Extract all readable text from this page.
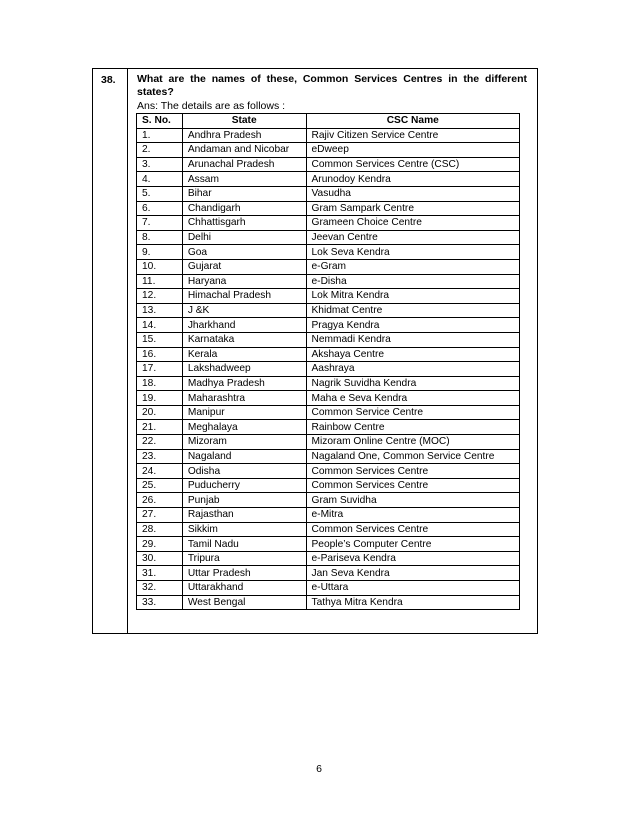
38. What are the names of these, Common Services Centres in the different

states?

Ans: The details are as follows :

S. No.	State	CSC Name
1.	Andhra Pradesh	Rajiv Citizen Service Centre
2.	Andaman and Nicobar	eDweep
3.	Arunachal Pradesh	Common Services Centre (CSC)
4.	Assam	Arunodoy Kendra
5.	Bihar	Vasudha
6.	Chandigarh	Gram Sampark Centre
7.	Chhattisgarh	Grameen Choice Centre
8.	Delhi	Jeevan Centre
9.	Goa	Lok Seva Kendra
10.	Gujarat	e-Gram
11.	Haryana	e-Disha
12.	Himachal Pradesh	Lok Mitra Kendra
13.	J &K	Khidmat Centre
14.	Jharkhand	Pragya Kendra
15.	Karnataka	Nemmadi Kendra
16.	Kerala	Akshaya Centre
17.	Lakshadweep	Aashraya
18.	Madhya Pradesh	Nagrik Suvidha Kendra
19.	Maharashtra	Maha e Seva Kendra
20.	Manipur	Common Service Centre
21.	Meghalaya	Rainbow Centre
22.	Mizoram	Mizoram Online Centre (MOC)
23.	Nagaland	Nagaland One, Common Service Centre
24.	Odisha	Common Services Centre
25.	Puducherry	Common Services Centre
26.	Punjab	Gram Suvidha
27.	Rajasthan	e-Mitra
28.	Sikkim	Common Services Centre
29.	Tamil Nadu	People’s Computer Centre
30.	Tripura	e-Pariseva Kendra
31.	Uttar Pradesh	Jan Seva Kendra
32.	Uttarakhand	e-Uttara
33.	West Bengal	Tathya Mitra Kendra
6
